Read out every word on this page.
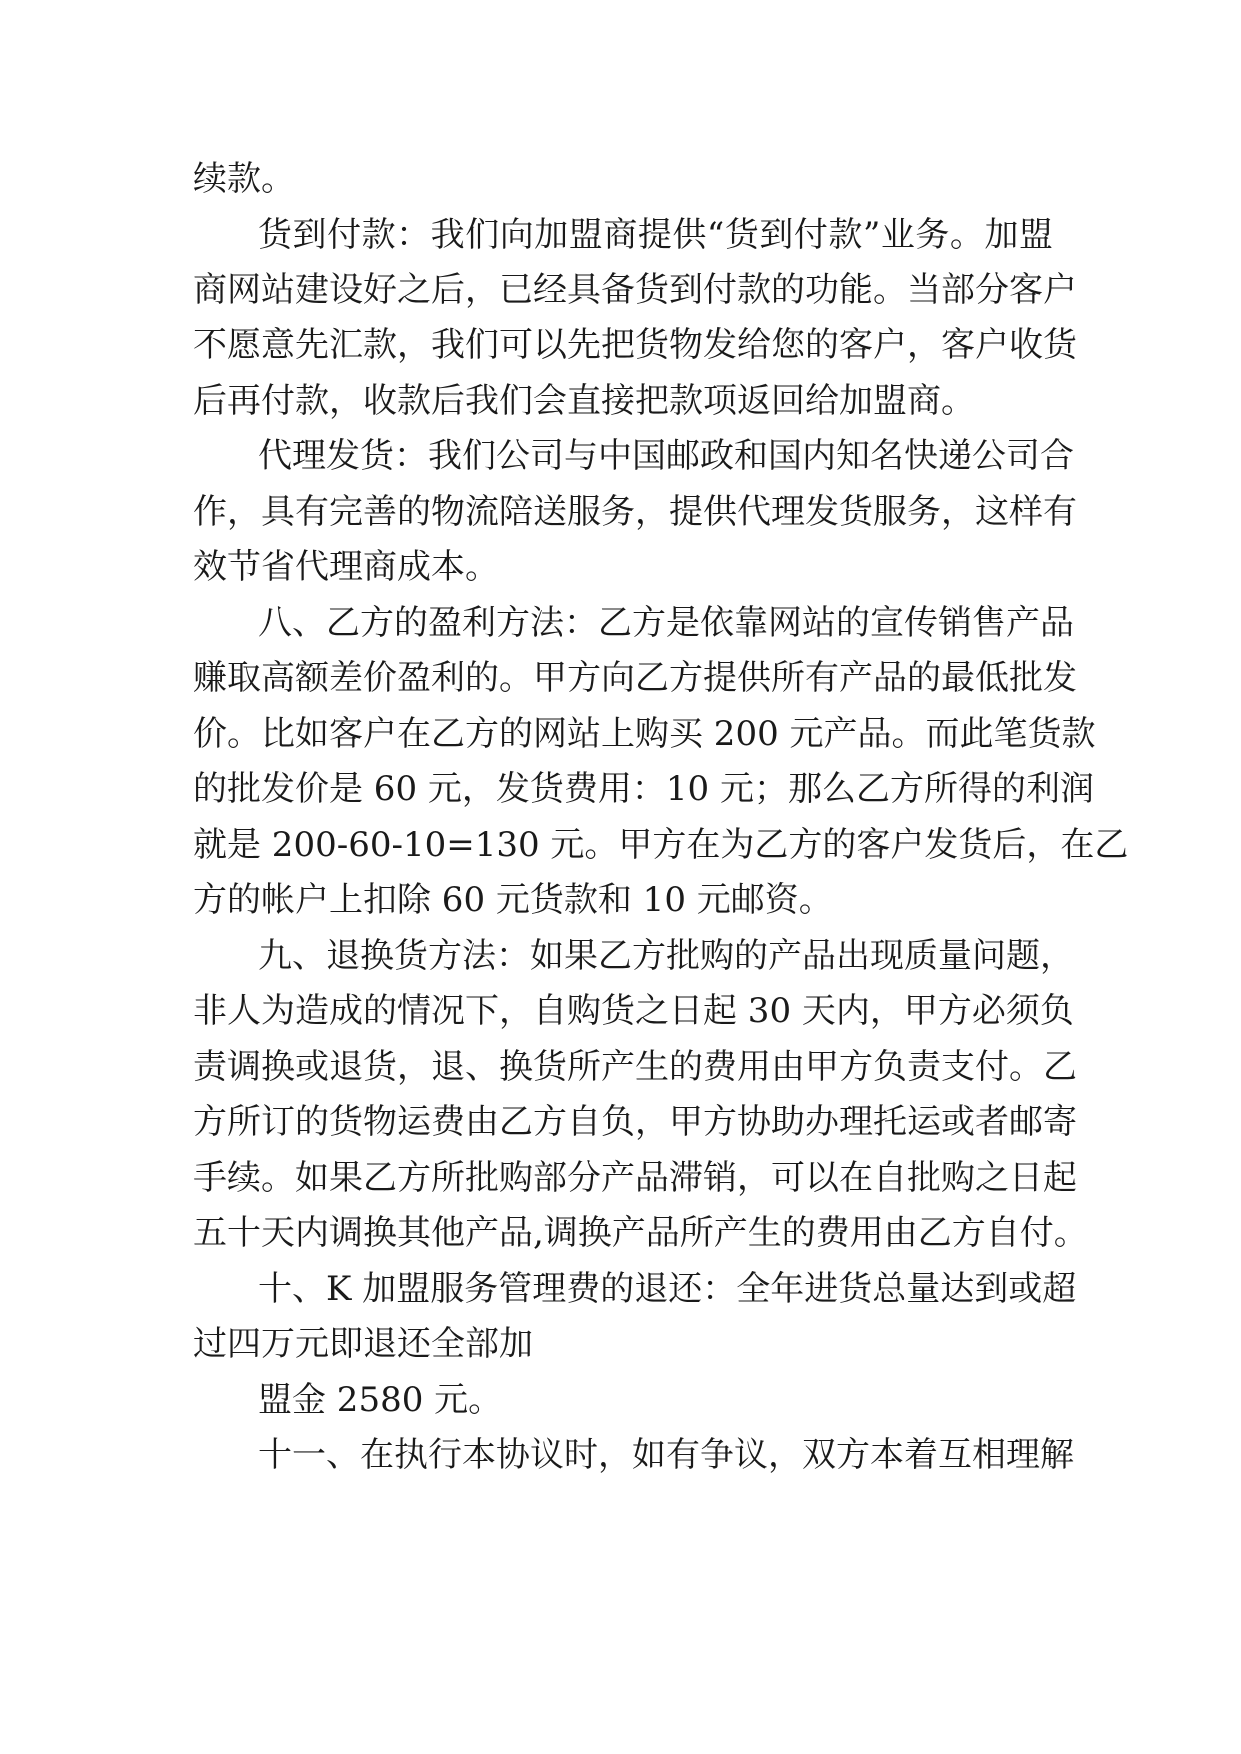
续款。
货到付款：我们向加盟商提供“货到付款”业务。加盟
商网站建设好之后，已经具备货到付款的功能。当部分客户
不愿意先汇款，我们可以先把货物发给您的客户，客户收货
后再付款，收款后我们会直接把款项返回给加盟商。
代理发货：我们公司与中国邮政和国内知名快递公司合
作，具有完善的物流陪送服务，提供代理发货服务，这样有
效节省代理商成本。
八、乙方的盈利方法：乙方是依靠网站的宣传销售产品
赚取高额差价盈利的。甲方向乙方提供所有产品的最低批发
价。比如客户在乙方的网站上购买 200 元产品。而此笔货款
的批发价是 60 元，发货费用：10 元；那么乙方所得的利润
就是 200-60-10=130 元。甲方在为乙方的客户发货后，在乙
方的帐户上扣除 60 元货款和 10 元邮资。
九、退换货方法：如果乙方批购的产品出现质量问题，
非人为造成的情况下，自购货之日起 30 天内，甲方必须负
责调换或退货，退、换货所产生的费用由甲方负责支付。乙
方所订的货物运费由乙方自负，甲方协助办理托运或者邮寄
手续。如果乙方所批购部分产品滞销，可以在自批购之日起
五十天内调换其他产品,调换产品所产生的费用由乙方自付。
十、K 加盟服务管理费的退还：全年进货总量达到或超
过四万元即退还全部加
盟金 2580 元。
十一、在执行本协议时，如有争议，双方本着互相理解
